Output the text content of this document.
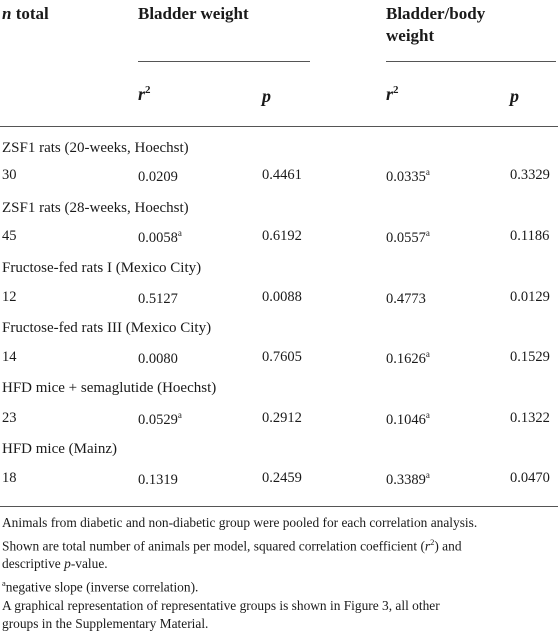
n total	Bladder weight	Bladder/body
weight
$r^2$	p	$r^2$	p
ZSF1 rats (20-weeks, Hoechst)
30	0.0209	0.4461	0.0335$^a$	0.3329
ZSF1 rats (28-weeks, Hoechst)
45	0.0058$^a$	0.6192	0.0557$^a$	0.1186
Fructose-fed rats I (Mexico City)
12	0.5127	0.0088	0.4773	0.0129
Fructose-fed rats III (Mexico City)
14	0.0080	0.7605	0.1626$^a$	0.1529
HFD mice + semaglutide (Hoechst)
23	0.0529$^a$	0.2912	0.1046$^a$	0.1322
HFD mice (Mainz)
18	0.1319	0.2459	0.3389$^a$	0.0470
Animals from diabetic and non-diabetic group were pooled for each correlation analysis.
Shown are total number of animals per model, squared correlation coefficient $(r^2)$ and
descriptive p-value.
$^a$negative slope (inverse correlation).
A graphical representation of representative groups is shown in Figure 3, all other
groups in the Supplementary Material.
